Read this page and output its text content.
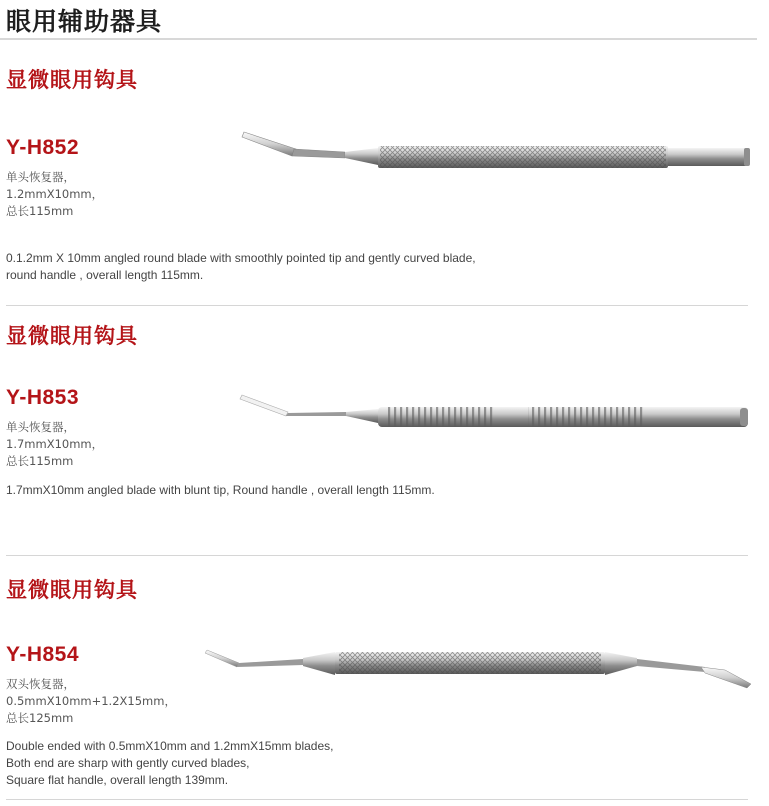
眼用辅助器具
显微眼用钩具
Y-H852
单头恢复器，
1.2mmX10mm，
总长115mm
0.1.2mm X 10mm angled round blade with smoothly pointed tip and gently curved blade,
round handle , overall length 115mm.
显微眼用钩具
Y-H853
单头恢复器，
1.7mmX10mm，
总长115mm
1.7mmX10mm angled blade with blunt tip, Round handle , overall length 115mm.
显微眼用钩具
Y-H854
双头恢复器，
0.5mmX10mm+1.2X15mm，
总长125mm
Double ended with 0.5mmX10mm and 1.2mmX15mm blades,
Both end are sharp with gently curved blades,
Square flat handle, overall length 139mm.
